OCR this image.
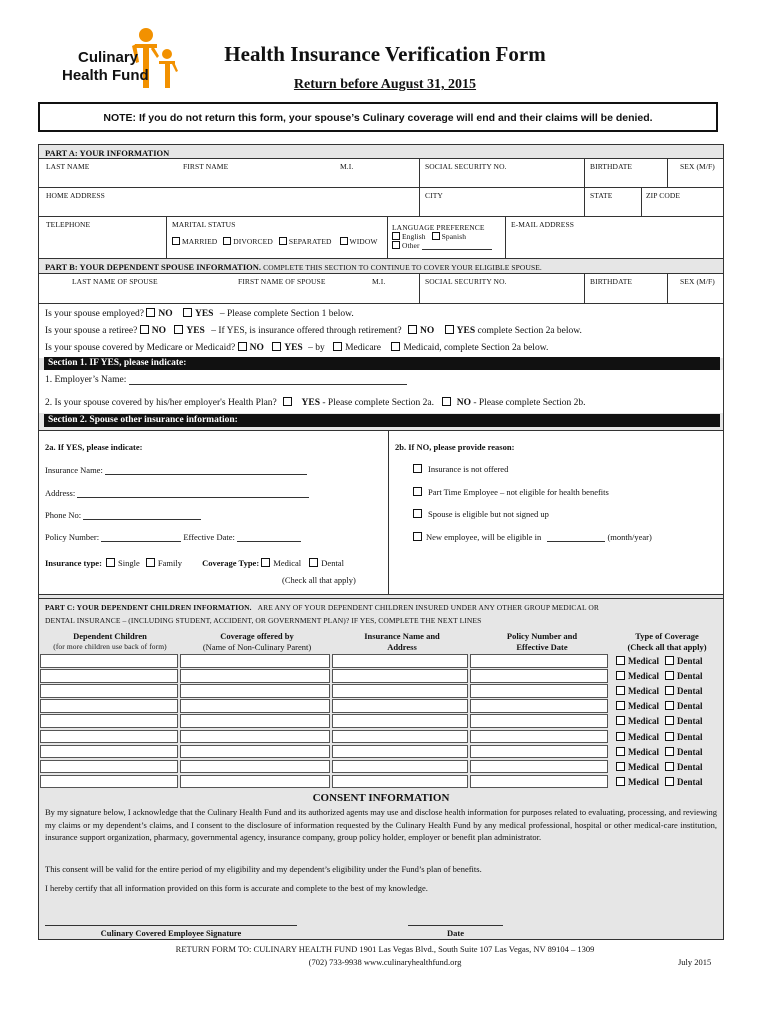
Culinary
Health Fund
Health Insurance Verification Form
Return before August 31, 2015
NOTE: If you do not return this form, your spouse’s Culinary coverage will end and their claims will be denied.
PART A: YOUR INFORMATION
LAST NAME	FIRST NAME	M.I.	SOCIAL SECURITY NO.	BIRTHDATE	SEX (M/F)
HOME ADDRESS	CITY	STATE	ZIP CODE
TELEPHONE	MARITAL STATUS
MARRIED DIVORCED SEPARATED WIDOW
LANGUAGE PREFERENCE
English Spanish
Other
E-MAIL ADDRESS
PART B: YOUR DEPENDENT SPOUSE INFORMATION. COMPLETE THIS SECTION TO CONTINUE TO COVER YOUR ELIGIBLE SPOUSE.
LAST NAME OF SPOUSE	FIRST NAME OF SPOUSE	M.I.	SOCIAL SECURITY NO.	BIRTHDATE	SEX (M/F)
Is your spouse employed? NO YES – Please complete Section 1 below.
Is your spouse a retiree? NO YES – If YES, is insurance offered through retirement? NO YES complete Section 2a below.
Is your spouse covered by Medicare or Medicaid? NO YES – by Medicare Medicaid, complete Section 2a below.
Section 1. IF YES, please indicate:
1. Employer’s Name:
2. Is your spouse covered by his/her employer's Health Plan?	YES - Please complete Section 2a. NO - Please complete Section 2b.
Section 2. Spouse other insurance information:
2a. If YES, please indicate:
Insurance Name:
Address:
Phone No:
Policy Number:	Effective Date:
Insurance type: Single Family Coverage Type: Medical Dental
(Check all that apply)
2b. If NO, please provide reason:
Insurance is not offered
Part Time Employee – not eligible for health benefits
Spouse is eligible but not signed up
New employee, will be eligible in	(month/year)
PART C: YOUR DEPENDENT CHILDREN INFORMATION. ARE ANY OF YOUR DEPENDENT CHILDREN INSURED UNDER ANY OTHER GROUP MEDICAL OR
DENTAL INSURANCE – (INCLUDING STUDENT, ACCIDENT, OR GOVERNMENT PLAN)? IF YES, COMPLETE THE NEXT LINES
Dependent Children
(for more children use back of form)
Coverage offered by
(Name of Non-Culinary Parent)
Insurance Name and
Address
Policy Number and
Effective Date
Type of Coverage
(Check all that apply)
Medical Dental
Medical Dental
Medical Dental
Medical Dental
Medical Dental
Medical Dental
Medical Dental
Medical Dental
Medical Dental
CONSENT INFORMATION
By my signature below, I acknowledge that the Culinary Health Fund and its authorized agents may use and disclose health information for purposes related to evaluating, processing, and reviewing my claims or my dependent’s claims, and I consent to the disclosure of information requested by the Culinary Health Fund by any medical professional, hospital or other medical-care institution, insurance support organization, pharmacy, governmental agency, insurance company, group policy holder, employer or benefit plan administrator.
This consent will be valid for the entire period of my eligibility and my dependent’s eligibility under the Fund’s plan of benefits.
I hereby certify that all information provided on this form is accurate and complete to the best of my knowledge.
Culinary Covered Employee Signature	Date
RETURN FORM TO: CULINARY HEALTH FUND 1901 Las Vegas Blvd., South Suite 107 Las Vegas, NV 89104 – 1309
(702) 733-9938 www.culinaryhealthfund.org	July 2015
